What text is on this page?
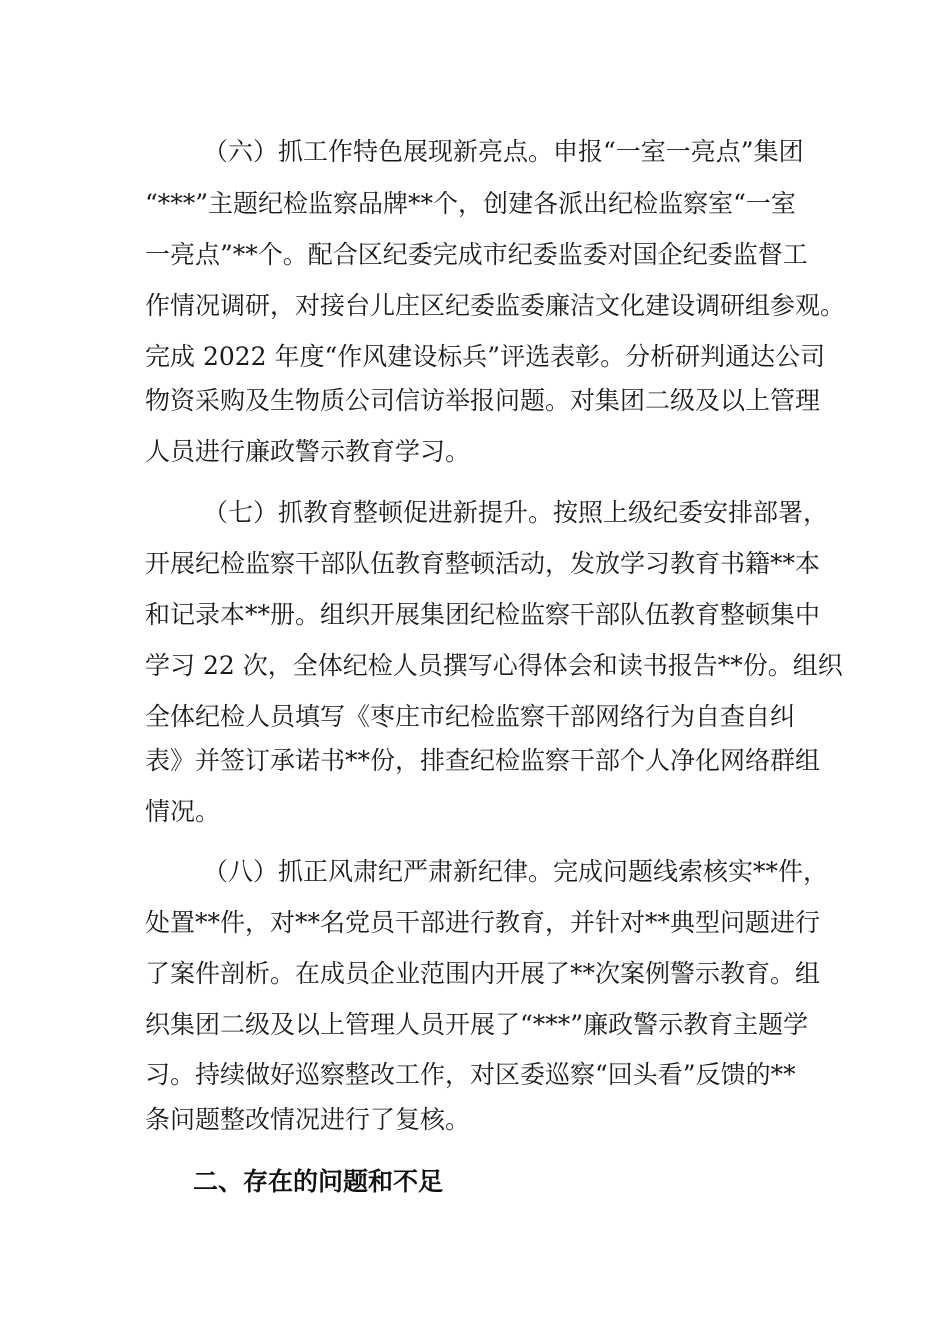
（六）抓工作特色展现新亮点。申报“一室一亮点”集团

“***”主题纪检监察品牌**个，创建各派出纪检监察室“一室

一亮点”**个。配合区纪委完成市纪委监委对国企纪委监督工

作情况调研，对接台儿庄区纪委监委廉洁文化建设调研组参观。

完成 2022 年度“作风建设标兵”评选表彰。分析研判通达公司

物资采购及生物质公司信访举报问题。对集团二级及以上管理

人员进行廉政警示教育学习。

（七）抓教育整顿促进新提升。按照上级纪委安排部署，

开展纪检监察干部队伍教育整顿活动，发放学习教育书籍**本

和记录本**册。组织开展集团纪检监察干部队伍教育整顿集中

学习 22 次，全体纪检人员撰写心得体会和读书报告**份。组织

全体纪检人员填写《枣庄市纪检监察干部网络行为自查自纠

表》并签订承诺书**份，排查纪检监察干部个人净化网络群组

情况。

（八）抓正风肃纪严肃新纪律。完成问题线索核实**件，

处置**件，对**名党员干部进行教育，并针对**典型问题进行

了案件剖析。在成员企业范围内开展了**次案例警示教育。组

织集团二级及以上管理人员开展了“***”廉政警示教育主题学

习。持续做好巡察整改工作，对区委巡察“回头看”反馈的**

条问题整改情况进行了复核。

二、存在的问题和不足
